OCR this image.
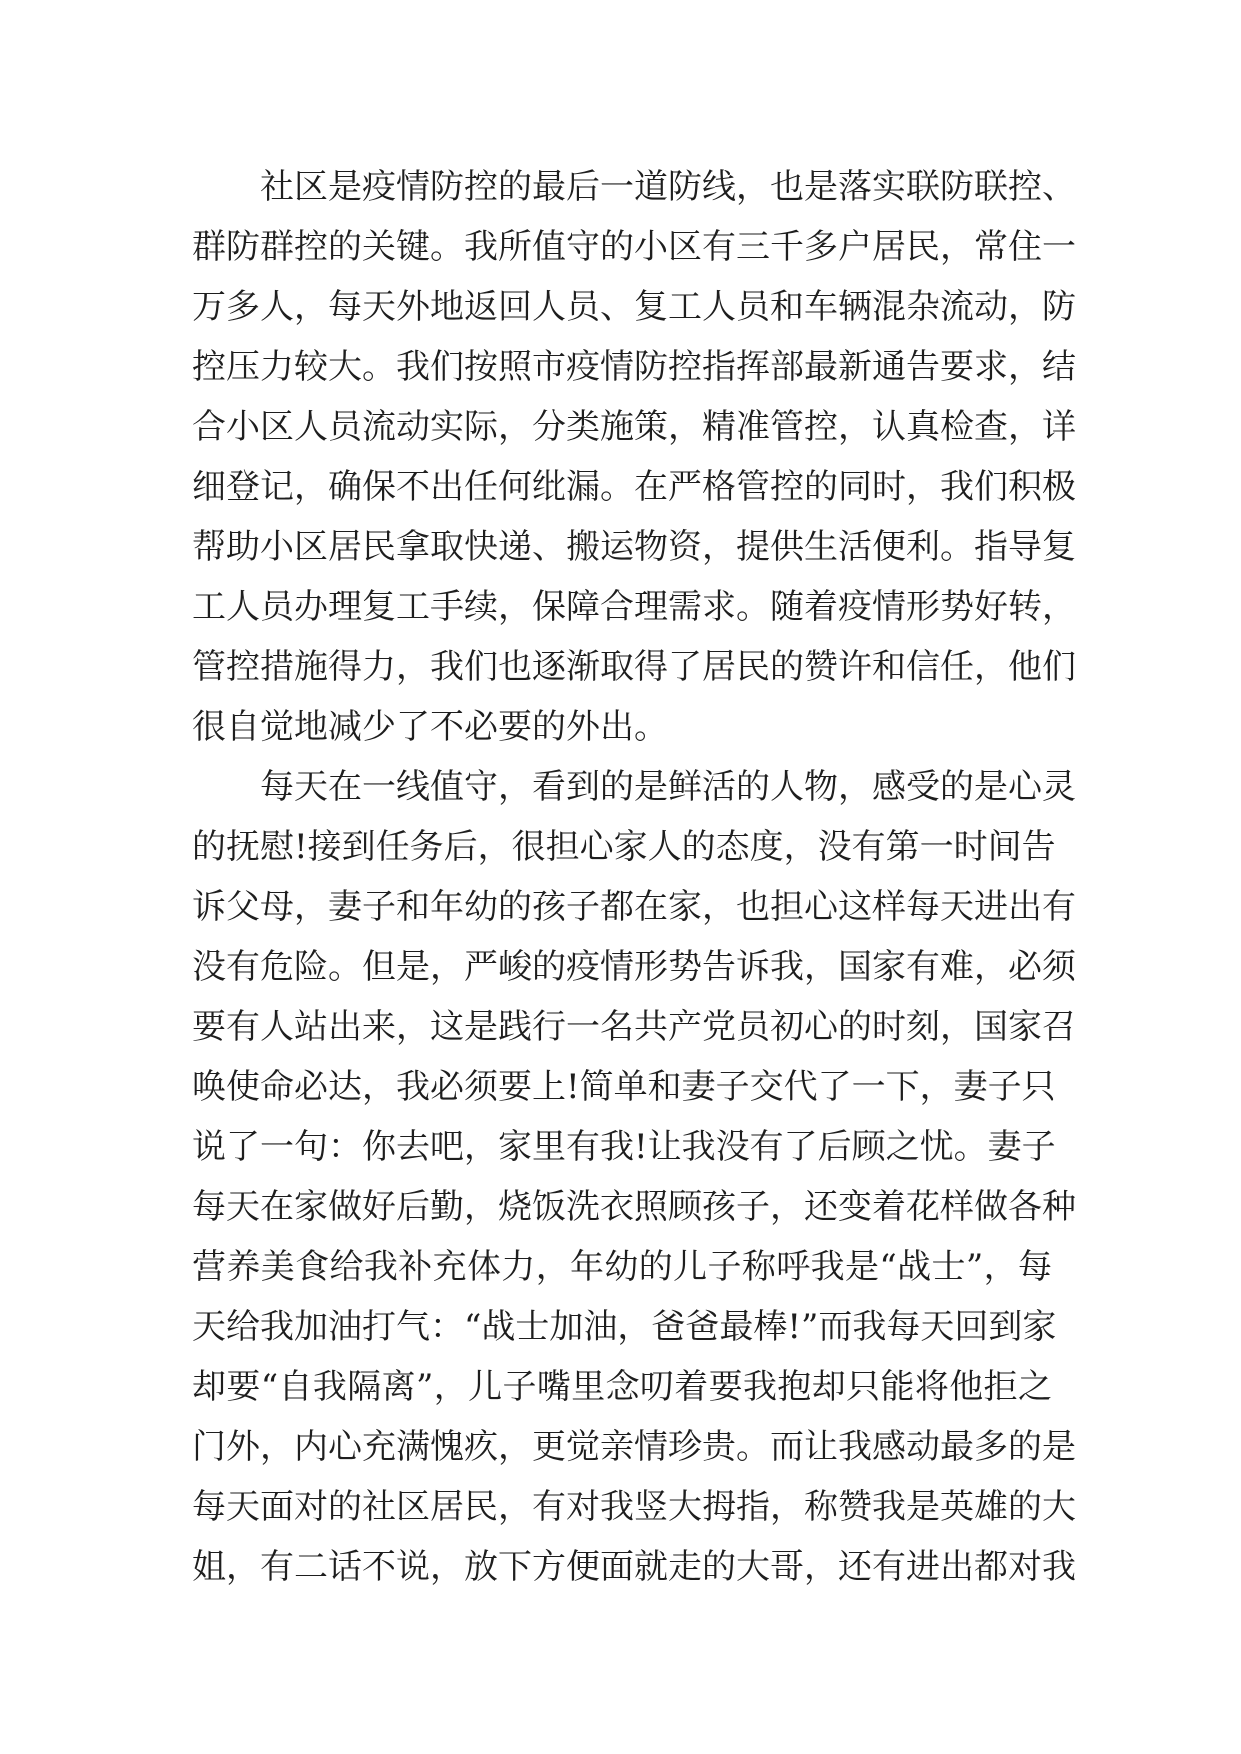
社区是疫情防控的最后一道防线，也是落实联防联控、
群防群控的关键。我所值守的小区有三千多户居民，常住一
万多人，每天外地返回人员、复工人员和车辆混杂流动，防
控压力较大。我们按照市疫情防控指挥部最新通告要求，结
合小区人员流动实际，分类施策，精准管控，认真检查，详
细登记，确保不出任何纰漏。在严格管控的同时，我们积极
帮助小区居民拿取快递、搬运物资，提供生活便利。指导复
工人员办理复工手续，保障合理需求。随着疫情形势好转，
管控措施得力，我们也逐渐取得了居民的赞许和信任，他们
很自觉地减少了不必要的外出。
每天在一线值守，看到的是鲜活的人物，感受的是心灵
的抚慰!接到任务后，很担心家人的态度，没有第一时间告
诉父母，妻子和年幼的孩子都在家，也担心这样每天进出有
没有危险。但是，严峻的疫情形势告诉我，国家有难，必须
要有人站出来，这是践行一名共产党员初心的时刻，国家召
唤使命必达，我必须要上!简单和妻子交代了一下，妻子只
说了一句：你去吧，家里有我!让我没有了后顾之忧。妻子
每天在家做好后勤，烧饭洗衣照顾孩子，还变着花样做各种
营养美食给我补充体力，年幼的儿子称呼我是“战士”，每
天给我加油打气：“战士加油，爸爸最棒!”而我每天回到家
却要“自我隔离”，儿子嘴里念叨着要我抱却只能将他拒之
门外，内心充满愧疚，更觉亲情珍贵。而让我感动最多的是
每天面对的社区居民，有对我竖大拇指，称赞我是英雄的大
姐，有二话不说，放下方便面就走的大哥，还有进出都对我
